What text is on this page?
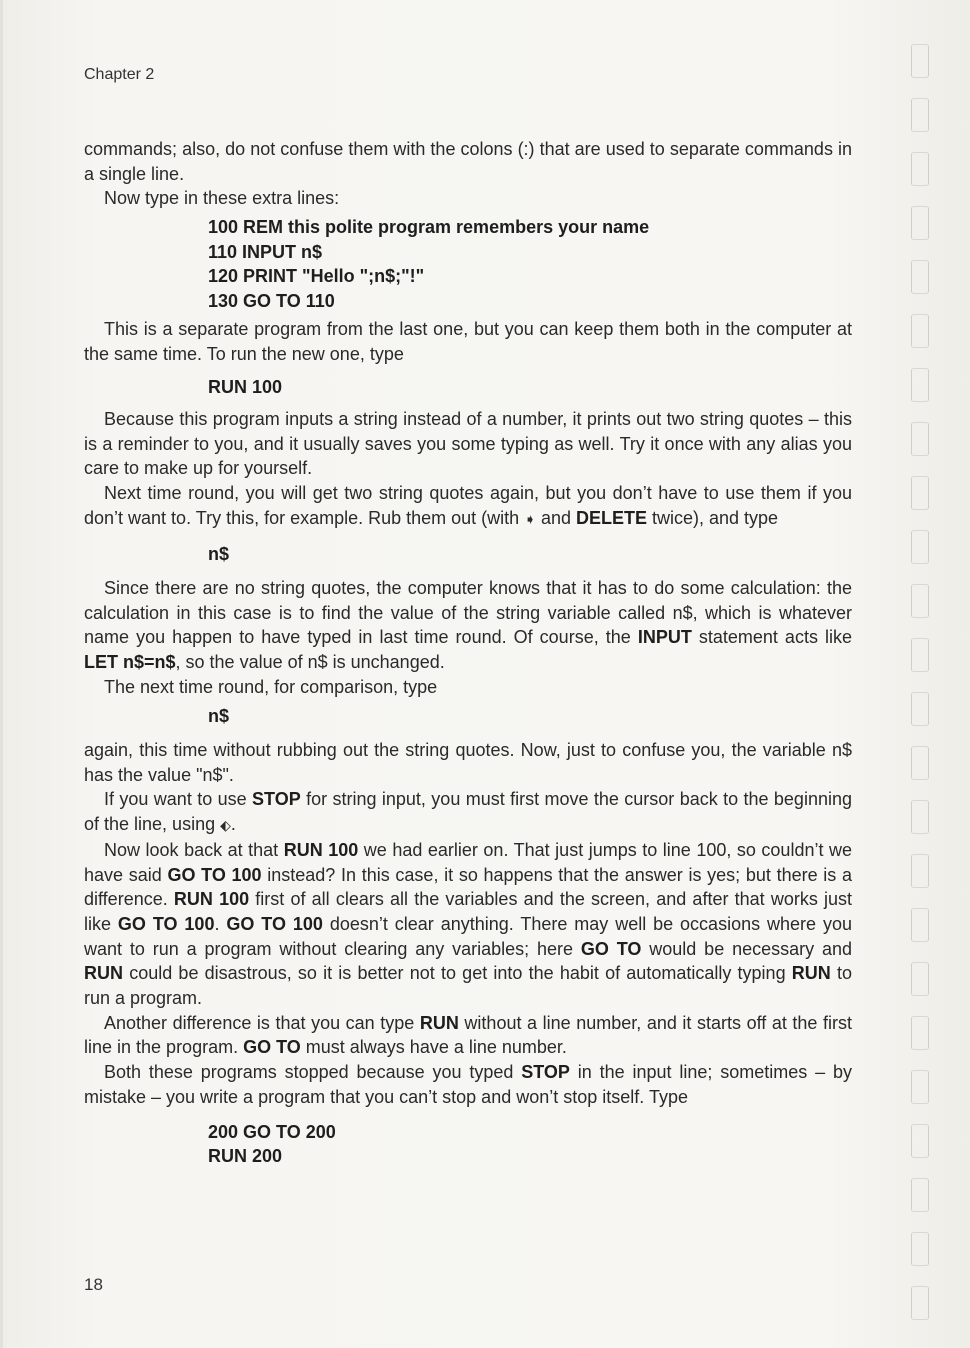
Chapter 2

commands; also, do not confuse them with the colons (:) that are used to separate commands in a single line.

Now type in these extra lines:

100 REM this polite program remembers your name
110 INPUT n$
120 PRINT "Hello ";n$;"!"
130 GO TO 110

This is a separate program from the last one, but you can keep them both in the computer at the same time. To run the new one, type

RUN 100

Because this program inputs a string instead of a number, it prints out two string quotes – this is a reminder to you, and it usually saves you some typing as well. Try it once with any alias you care to make up for yourself.

Next time round, you will get two string quotes again, but you don’t have to use them if you don’t want to. Try this, for example. Rub them out (with ➧ and DELETE twice), and type

n$

Since there are no string quotes, the computer knows that it has to do some calculation: the calculation in this case is to find the value of the string variable called n$, which is whatever name you happen to have typed in last time round. Of course, the INPUT statement acts like LET n$=n$, so the value of n$ is unchanged.

The next time round, for comparison, type

n$

again, this time without rubbing out the string quotes. Now, just to confuse you, the variable n$ has the value "n$".

If you want to use STOP for string input, you must first move the cursor back to the beginning of the line, using ⬖.

Now look back at that RUN 100 we had earlier on. That just jumps to line 100, so couldn’t we have said GO TO 100 instead? In this case, it so happens that the answer is yes; but there is a difference. RUN 100 first of all clears all the variables and the screen, and after that works just like GO TO 100. GO TO 100 doesn’t clear anything. There may well be occasions where you want to run a program without clearing any variables; here GO TO would be necessary and RUN could be disastrous, so it is better not to get into the habit of automatically typing RUN to run a program.

Another difference is that you can type RUN without a line number, and it starts off at the first line in the program. GO TO must always have a line number.

Both these programs stopped because you typed STOP in the input line; sometimes – by mistake – you write a program that you can’t stop and won’t stop itself. Type

200 GO TO 200
RUN 200
18
